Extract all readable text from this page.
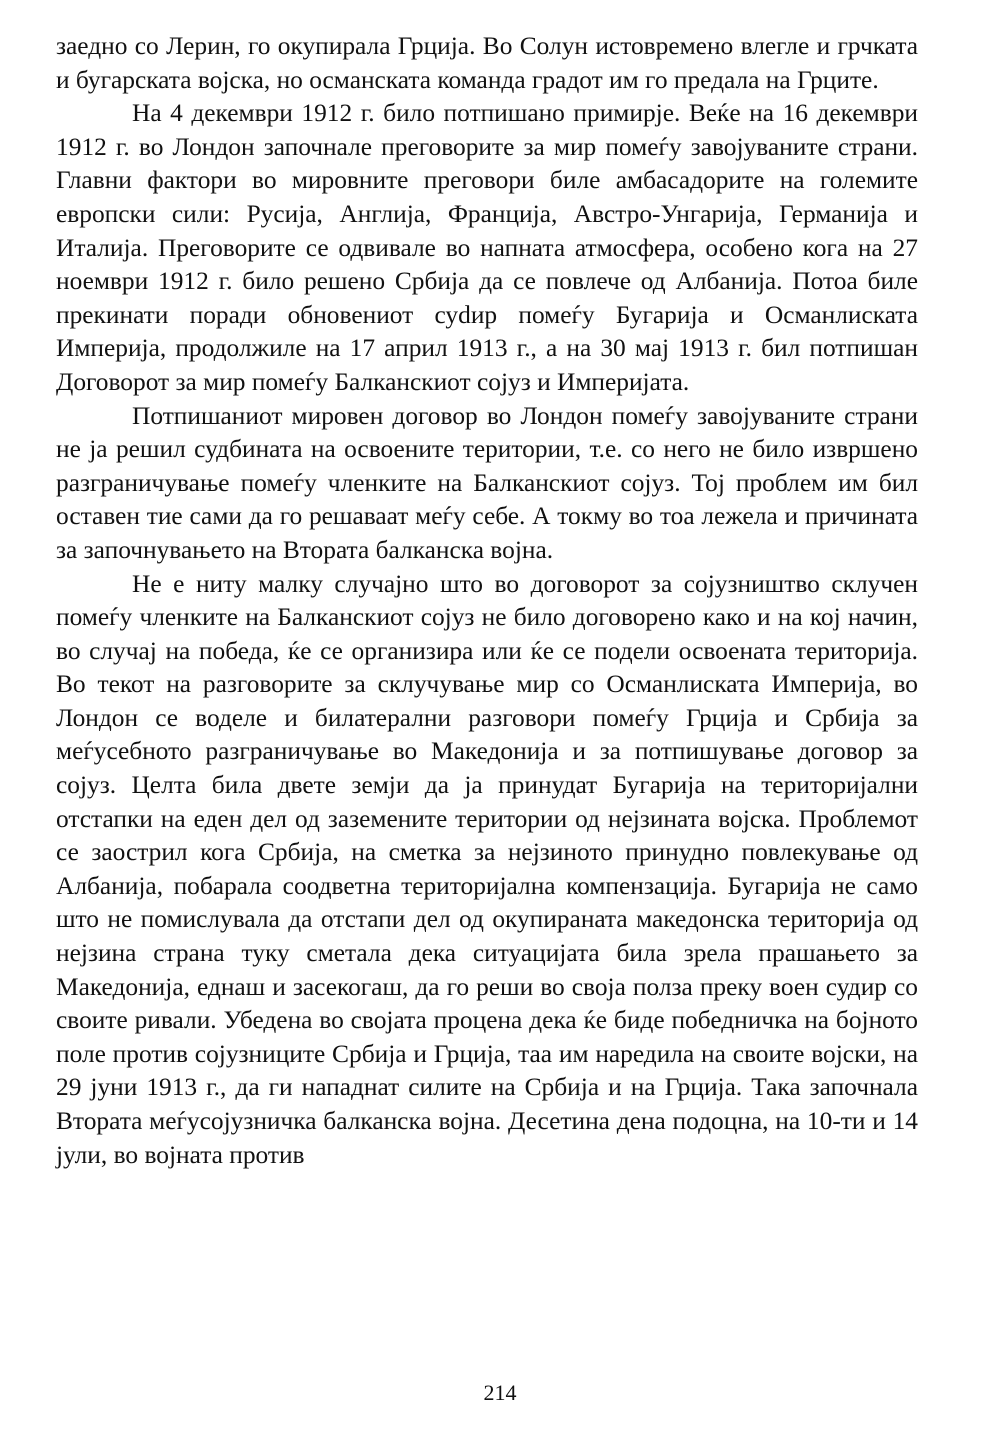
заедно со Лерин, го окупирала Грција. Во Солун истовремено влегле и грчката и бугарската војска, но османската команда градот им го предала на Грците.

На 4 декември 1912 г. било потпишано примирје. Веќе на 16 декември 1912 г. во Лондон започнале преговорите за мир помеѓу завојуваните страни. Главни фактори во мировните преговори биле амбасадорите на големите европски сили: Русија, Англија, Франција, Австро-Унгарија, Германија и Италија. Преговорите се одвивале во напната атмосфера, особено кога на 27 ноември 1912 г. било решено Србија да се повлече од Албанија. Потоа биле прекинати поради обновениот суdир помеѓу Бугарија и Османлиската Империја, продолжиле на 17 април 1913 г., а на 30 мај 1913 г. бил потпишан Договорот за мир помеѓу Балканскиот сојуз и Империјата.

Потпишаниот мировен договор во Лондон помеѓу завојуваните страни не ја решил судбината на освоените територии, т.е. со него не било извршено разграничување помеѓу членките на Балканскиот сојуз. Тој проблем им бил оставен тие сами да го решаваат меѓу себе. А токму во тоа лежела и причината за започнувањето на Втората балканска војна.

Не е ниту малку случајно што во договорот за сојузништво склучен помеѓу членките на Балканскиот сојуз не било договорено како и на кој начин, во случај на победа, ќе се организира или ќе се подели освоената територија. Во текот на разговорите за склучување мир со Османлиската Империја, во Лондон се воделе и билатерални разговори помеѓу Грција и Србија за меѓусебното разграничување во Македонија и за потпишување договор за сојуз. Целта била двете земји да ја принудат Бугарија на територијални отстапки на еден дел од заземените територии од нејзината војска. Проблемот се заострил кога Србија, на сметка за нејзиното принудно повлекување од Албанија, побарала соодветна територијална компензација. Бугарија не само што не помислувала да отстапи дел од окупираната македонска територија од нејзина страна туку сметала дека ситуацијата била зрела прашањето за Македонија, еднаш и засекогаш, да го реши во своја полза преку воен судир со своите ривали. Убедена во својата процена дека ќе биде победничка на бојното поле против сојузниците Србија и Грција, таа им наредила на своите војски, на 29 јуни 1913 г., да ги нападнат силите на Србија и на Грција. Така започнала Втората меѓусојузничка балканска војна. Десетина дена подоцна, на 10-ти и 14 јули, во војната против

214
